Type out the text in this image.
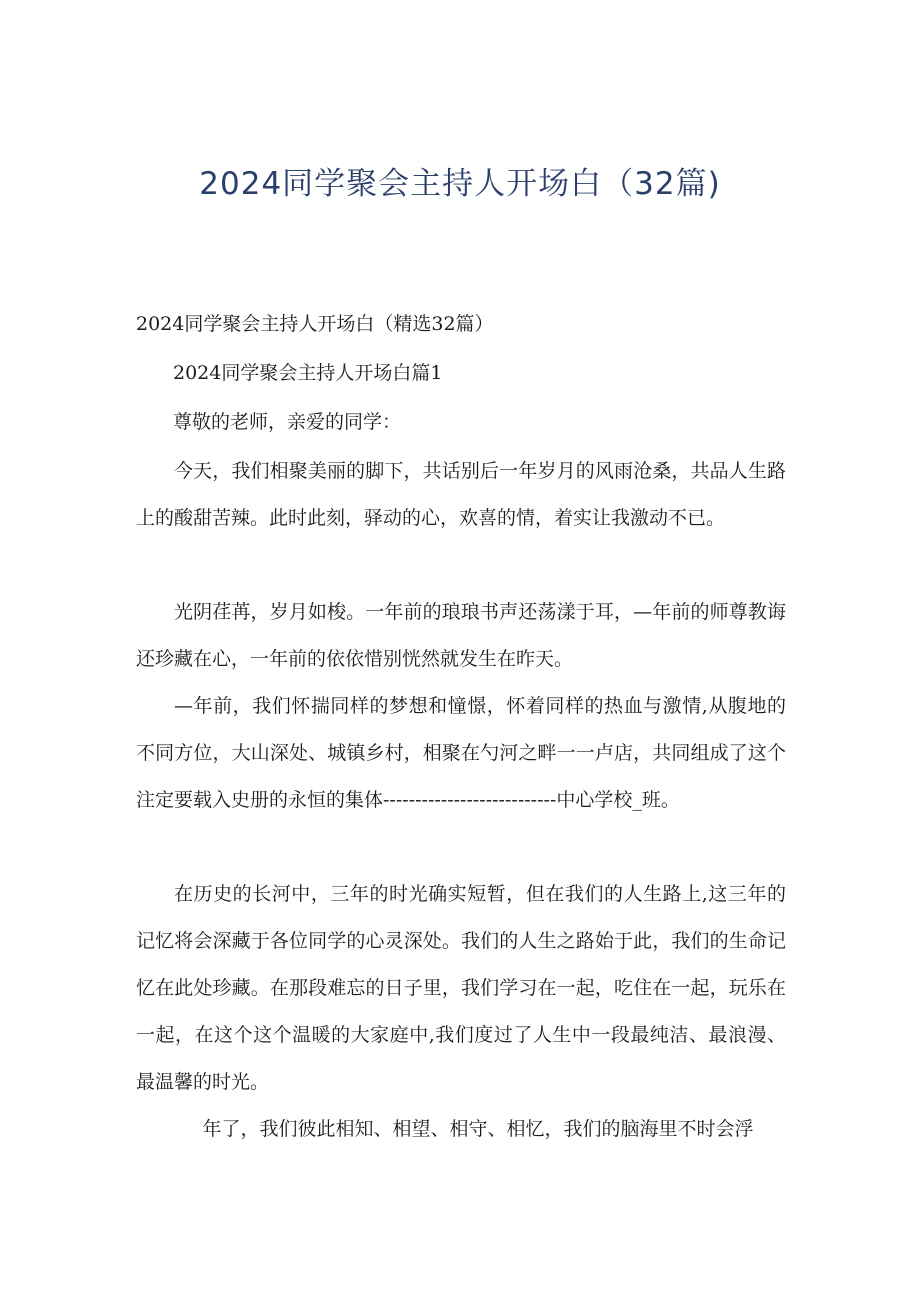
2024同学聚会主持人开场白（32篇)

2024同学聚会主持人开场白（精选32篇）

2024同学聚会主持人开场白篇1

尊敬的老师，亲爱的同学：

今天，我们相聚美丽的脚下，共话别后一年岁月的风雨沧桑，共品人生路上的酸甜苦辣。此时此刻，驿动的心，欢喜的情，着实让我激动不已。

光阴荏苒，岁月如梭。一年前的琅琅书声还荡漾于耳，—年前的师尊教诲还珍藏在心，一年前的依依惜别恍然就发生在昨天。

—年前，我们怀揣同样的梦想和憧憬，怀着同样的热血与激情,从腹地的不同方位，大山深处、城镇乡村，相聚在勺河之畔一一卢店，共同组成了这个注定要载入史册的永恒的集体---------------------------中心学校_班。

在历史的长河中，三年的时光确实短暂，但在我们的人生路上,这三年的记忆将会深藏于各位同学的心灵深处。我们的人生之路始于此，我们的生命记忆在此处珍藏。在那段难忘的日子里，我们学习在一起，吃住在一起，玩乐在一起，在这个这个温暖的大家庭中,我们度过了人生中一段最纯洁、最浪漫、最温馨的时光。

年了，我们彼此相知、相望、相守、相忆，我们的脑海里不时会浮
